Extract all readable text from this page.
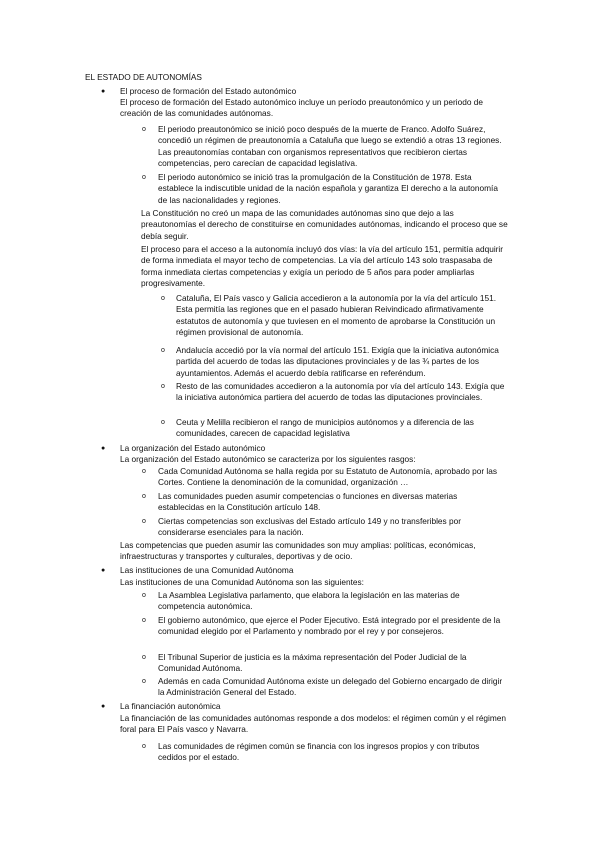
EL ESTADO DE AUTONOMÍAS
● El proceso de formación del Estado autonómico
El proceso de formación del Estado autonómico incluye un período preautonómico y un periodo de creación de las comunidades autónomas.
o El periodo preautonómico se inició poco después de la muerte de Franco. Adolfo Suárez, concedió un régimen de preautonomía a Cataluña que luego se extendió a otras 13 regiones. Las preautonomías contaban con organismos representativos que recibieron ciertas competencias, pero carecían de capacidad legislativa.
o El periodo autonómico se inició tras la promulgación de la Constitución de 1978. Esta establece la indiscutible unidad de la nación española y garantiza El derecho a la autonomía de las nacionalidades y regiones.
La Constitución no creó un mapa de las comunidades autónomas sino que dejo a las preautonomías el derecho de constituirse en comunidades autónomas, indicando el proceso que se debía seguir.
El proceso para el acceso a la autonomía incluyó dos vías: la vía del artículo 151, permitía adquirir de forma inmediata el mayor techo de competencias. La vía del artículo 143 solo traspasaba de forma inmediata ciertas competencias y exigía un periodo de 5 años para poder ampliarlas progresivamente.
o Cataluña, El País vasco y Galicia accedieron a la autonomía por la vía del artículo 151. Esta permitía las regiones que en el pasado hubieran Reivindicado afirmativamente estatutos de autonomía y que tuviesen en el momento de aprobarse la Constitución un régimen provisional de autonomía.
o Andalucía accedió por la vía normal del artículo 151. Exigía que la iniciativa autonómica partida del acuerdo de todas las diputaciones provinciales y de las ¾ partes de los ayuntamientos. Además el acuerdo debía ratificarse en referéndum.
o Resto de las comunidades accedieron a la autonomía por vía del artículo 143. Exigía que la iniciativa autonómica partiera del acuerdo de todas las diputaciones provinciales.
o Ceuta y Melilla recibieron el rango de municipios autónomos y a diferencia de las comunidades, carecen de capacidad legislativa
● La organización del Estado autonómico
La organización del Estado autonómico se caracteriza por los siguientes rasgos:
o Cada Comunidad Autónoma se halla regida por su Estatuto de Autonomía, aprobado por las Cortes. Contiene la denominación de la comunidad, organización …
o Las comunidades pueden asumir competencias o funciones en diversas materias establecidas en la Constitución artículo 148.
o Ciertas competencias son exclusivas del Estado artículo 149 y no transferibles por considerarse esenciales para la nación.
Las competencias que pueden asumir las comunidades son muy amplias: políticas, económicas, infraestructuras y transportes y culturales, deportivas y de ocio.
● Las instituciones de una Comunidad Autónoma
Las instituciones de una Comunidad Autónoma son las siguientes:
o La Asamblea Legislativa parlamento, que elabora la legislación en las materias de competencia autonómica.
o El gobierno autonómico, que ejerce el Poder Ejecutivo. Está integrado por el presidente de la comunidad elegido por el Parlamento y nombrado por el rey y por consejeros.
o El Tribunal Superior de justicia es la máxima representación del Poder Judicial de la Comunidad Autónoma.
o Además en cada Comunidad Autónoma existe un delegado del Gobierno encargado de dirigir la Administración General del Estado.
● La financiación autonómica
La financiación de las comunidades autónomas responde a dos modelos: el régimen común y el régimen foral para El País vasco y Navarra.
o Las comunidades de régimen común se financia con los ingresos propios y con tributos cedidos por el estado.
